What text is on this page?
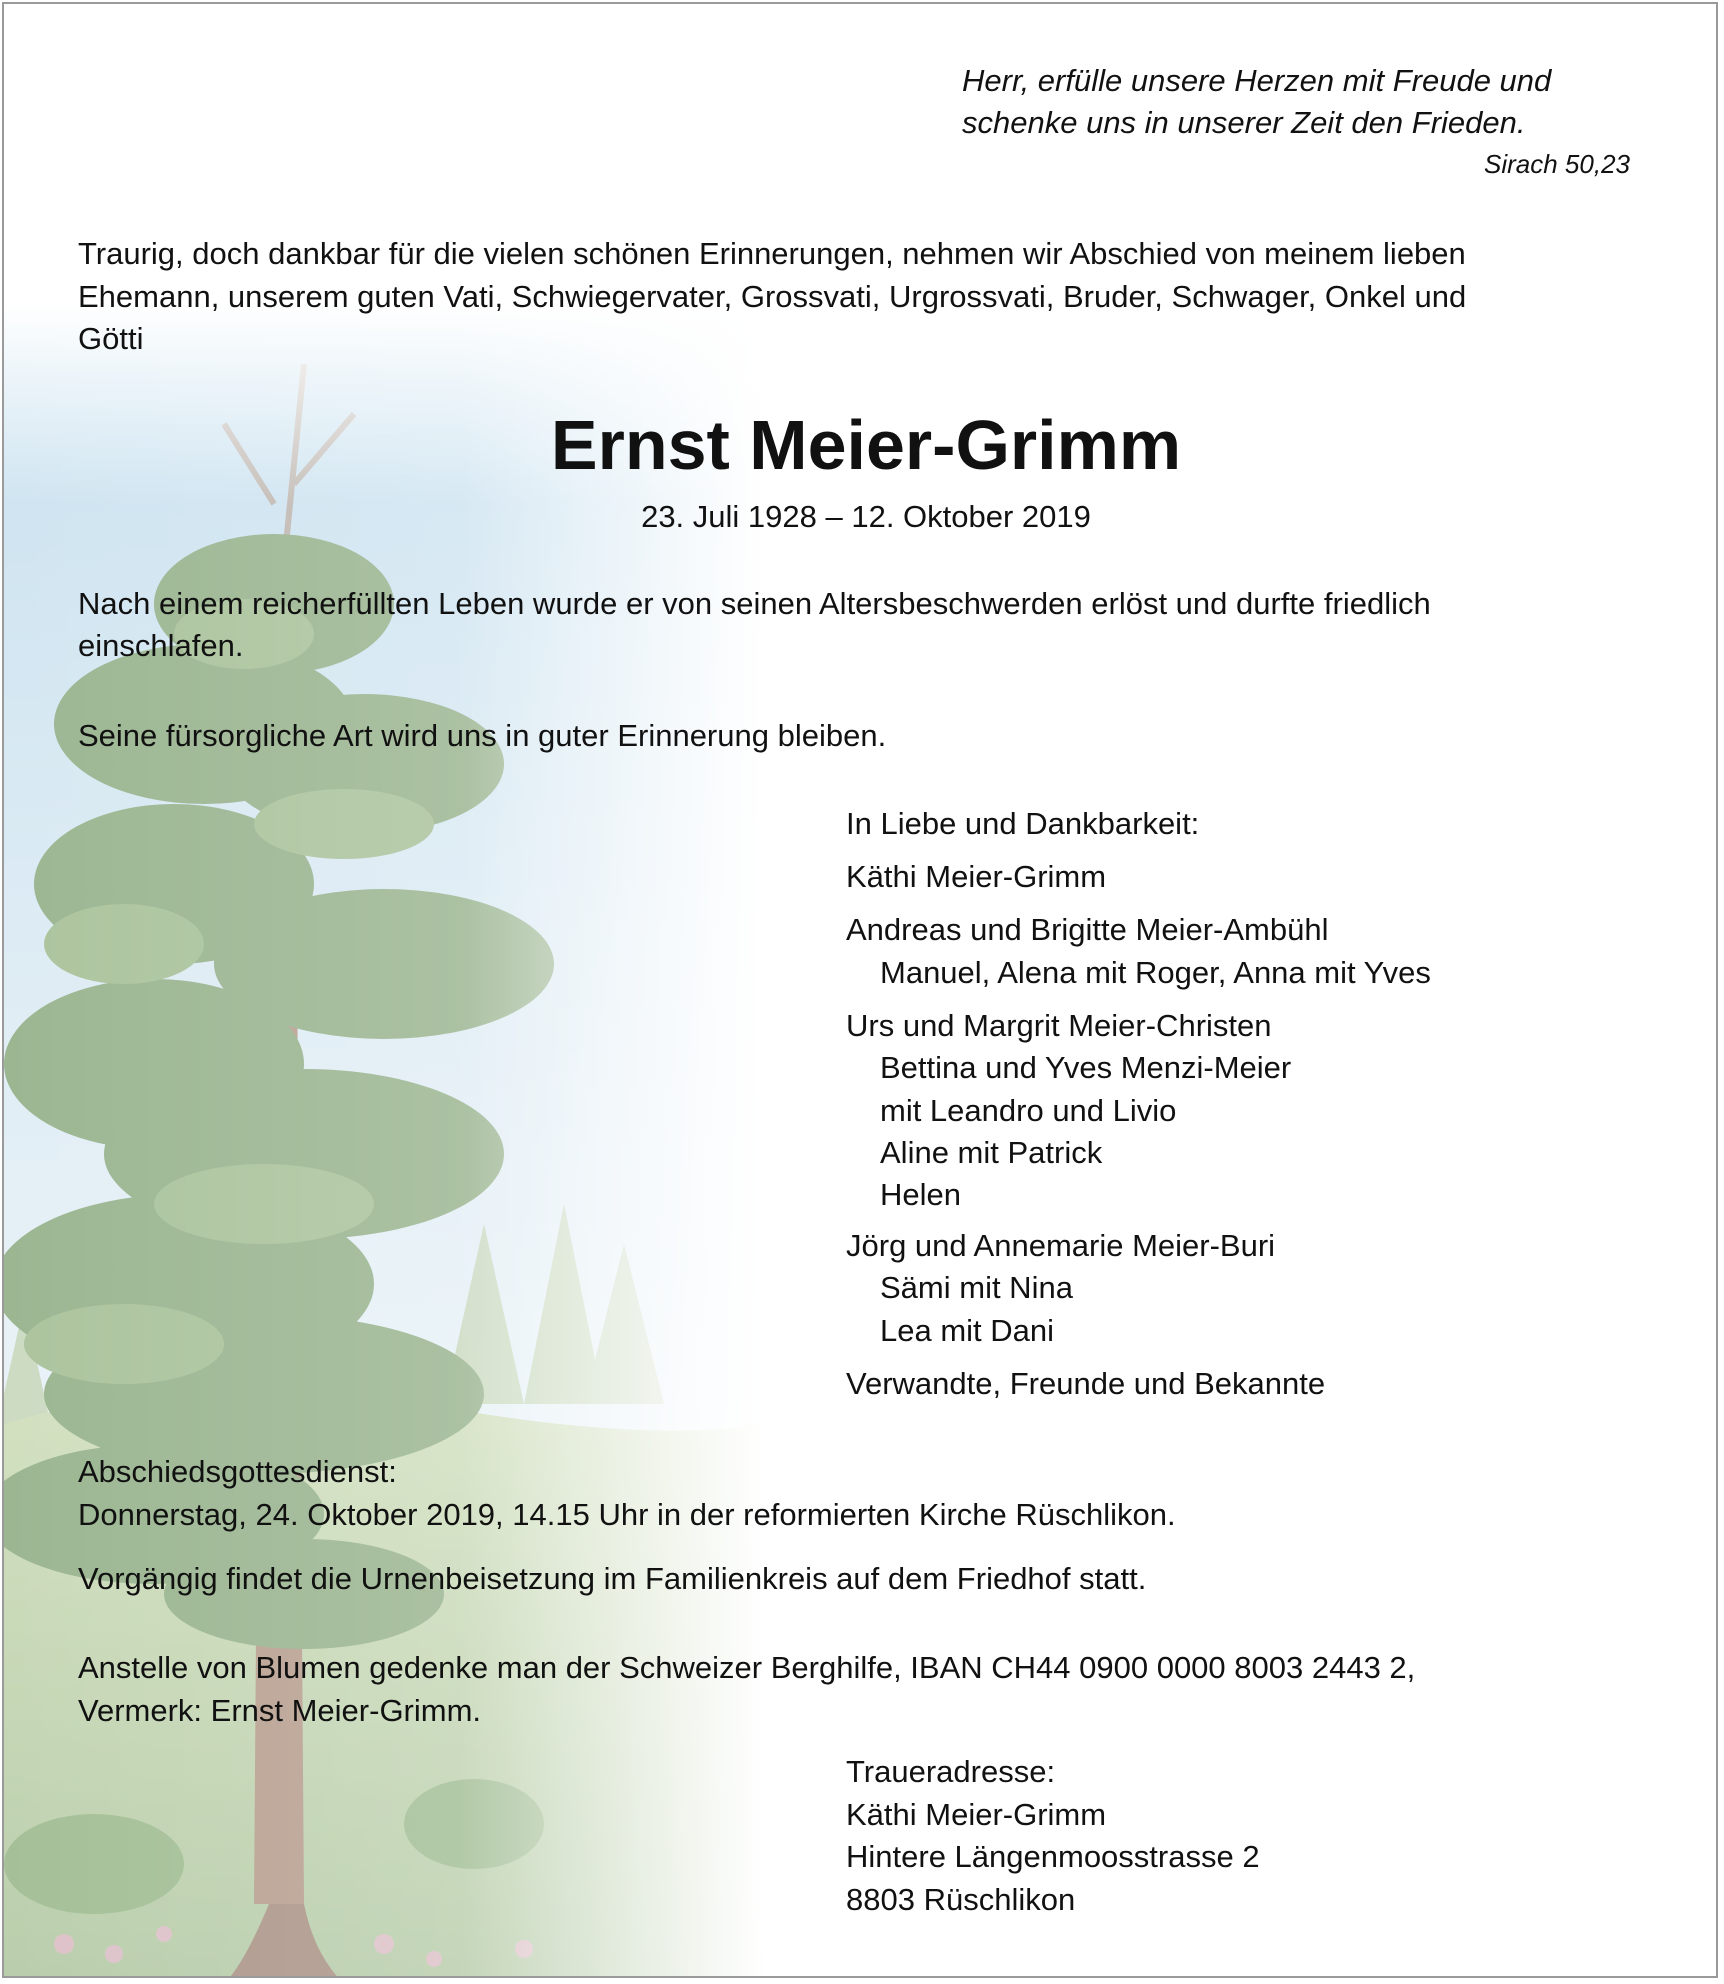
Herr, erfülle unsere Herzen mit Freude und
schenke uns in unserer Zeit den Frieden.
Sirach 50,23
Traurig, doch dankbar für die vielen schönen Erinnerungen, nehmen wir Abschied von meinem lieben
Ehemann, unserem guten Vati, Schwiegervater, Grossvati, Urgrossvati, Bruder, Schwager, Onkel und
Götti
Ernst Meier-Grimm
23. Juli 1928 – 12. Oktober 2019
Nach einem reicherfüllten Leben wurde er von seinen Altersbeschwerden erlöst und durfte friedlich
einschlafen.
Seine fürsorgliche Art wird uns in guter Erinnerung bleiben.
In Liebe und Dankbarkeit:
Käthi Meier-Grimm
Andreas und Brigitte Meier-Ambühl
Manuel, Alena mit Roger, Anna mit Yves
Urs und Margrit Meier-Christen
Bettina und Yves Menzi-Meier
mit Leandro und Livio
Aline mit Patrick
Helen
Jörg und Annemarie Meier-Buri
Sämi mit Nina
Lea mit Dani
Verwandte, Freunde und Bekannte
Abschiedsgottesdienst:
Donnerstag, 24. Oktober 2019, 14.15 Uhr in der reformierten Kirche Rüschlikon.
Vorgängig findet die Urnenbeisetzung im Familienkreis auf dem Friedhof statt.
Anstelle von Blumen gedenke man der Schweizer Berghilfe, IBAN CH44 0900 0000 8003 2443 2,
Vermerk: Ernst Meier-Grimm.
Traueradresse:
Käthi Meier-Grimm
Hintere Längenmoosstrasse 2
8803 Rüschlikon
